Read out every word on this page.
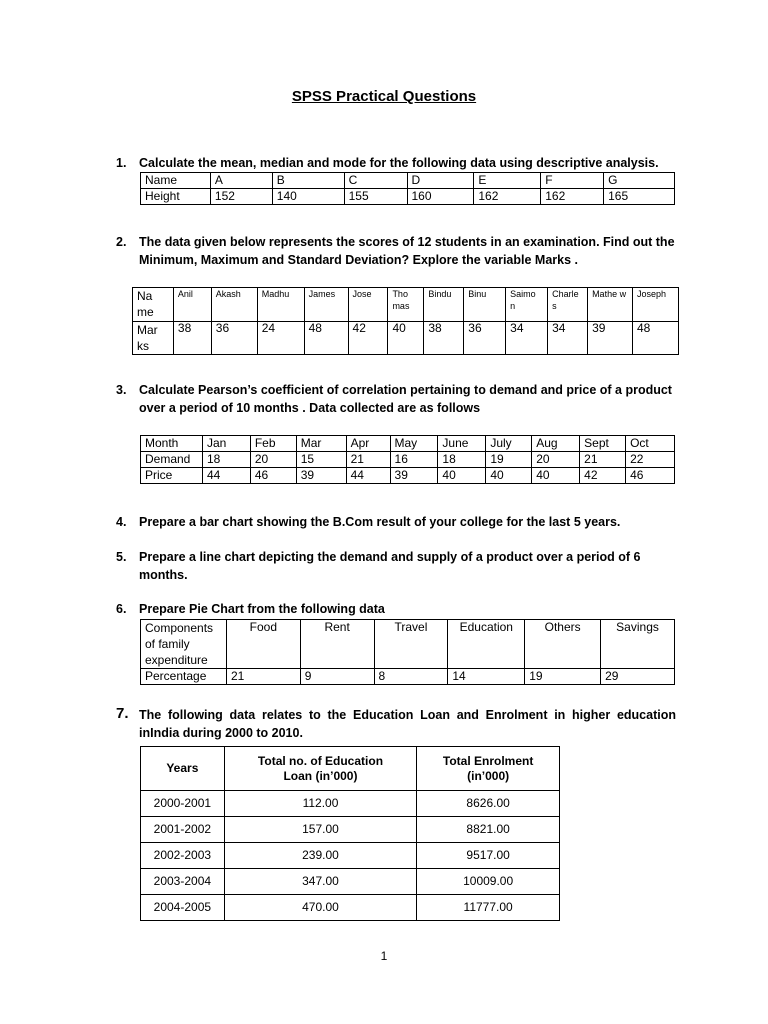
SPSS Practical Questions
1. Calculate the mean, median and mode for the following data using descriptive analysis.
Name	A	B	C	D	E	F	G
Height	152	140	155	160	162	162	165
2. The data given below represents the scores of 12 students in an examination. Find out the Minimum, Maximum and Standard Deviation? Explore the variable Marks .
Na me	Anil	Akash	Madhu	James	Jose	Tho mas	Bindu	Binu	Saimo n	Charle s	Mathe w	Joseph
Mar ks	38	36	24	48	42	40	38	36	34	34	39	48
3. Calculate Pearson’s coefficient of correlation pertaining to demand and price of a product over a period of 10 months . Data collected are as follows
Month	Jan	Feb	Mar	Apr	May	June	July	Aug	Sept	Oct
Demand	18	20	15	21	16	18	19	20	21	22
Price	44	46	39	44	39	40	40	40	42	46
4. Prepare a bar chart showing the B.Com result of your college for the last 5 years.
5. Prepare a line chart depicting the demand and supply of a product over a period of 6 months.
6. Prepare Pie Chart from the following data
Components of family expenditure	Food	Rent	Travel	Education	Others	Savings
Percentage	21	9	8	14	19	29
7. The following data relates to the Education Loan and Enrolment in higher education inIndia during 2000 to 2010.
Years	Total no. of Education Loan (in’000)	Total Enrolment (in’000)
2000-2001	112.00	8626.00
2001-2002	157.00	8821.00
2002-2003	239.00	9517.00
2003-2004	347.00	10009.00
2004-2005	470.00	11777.00
1
